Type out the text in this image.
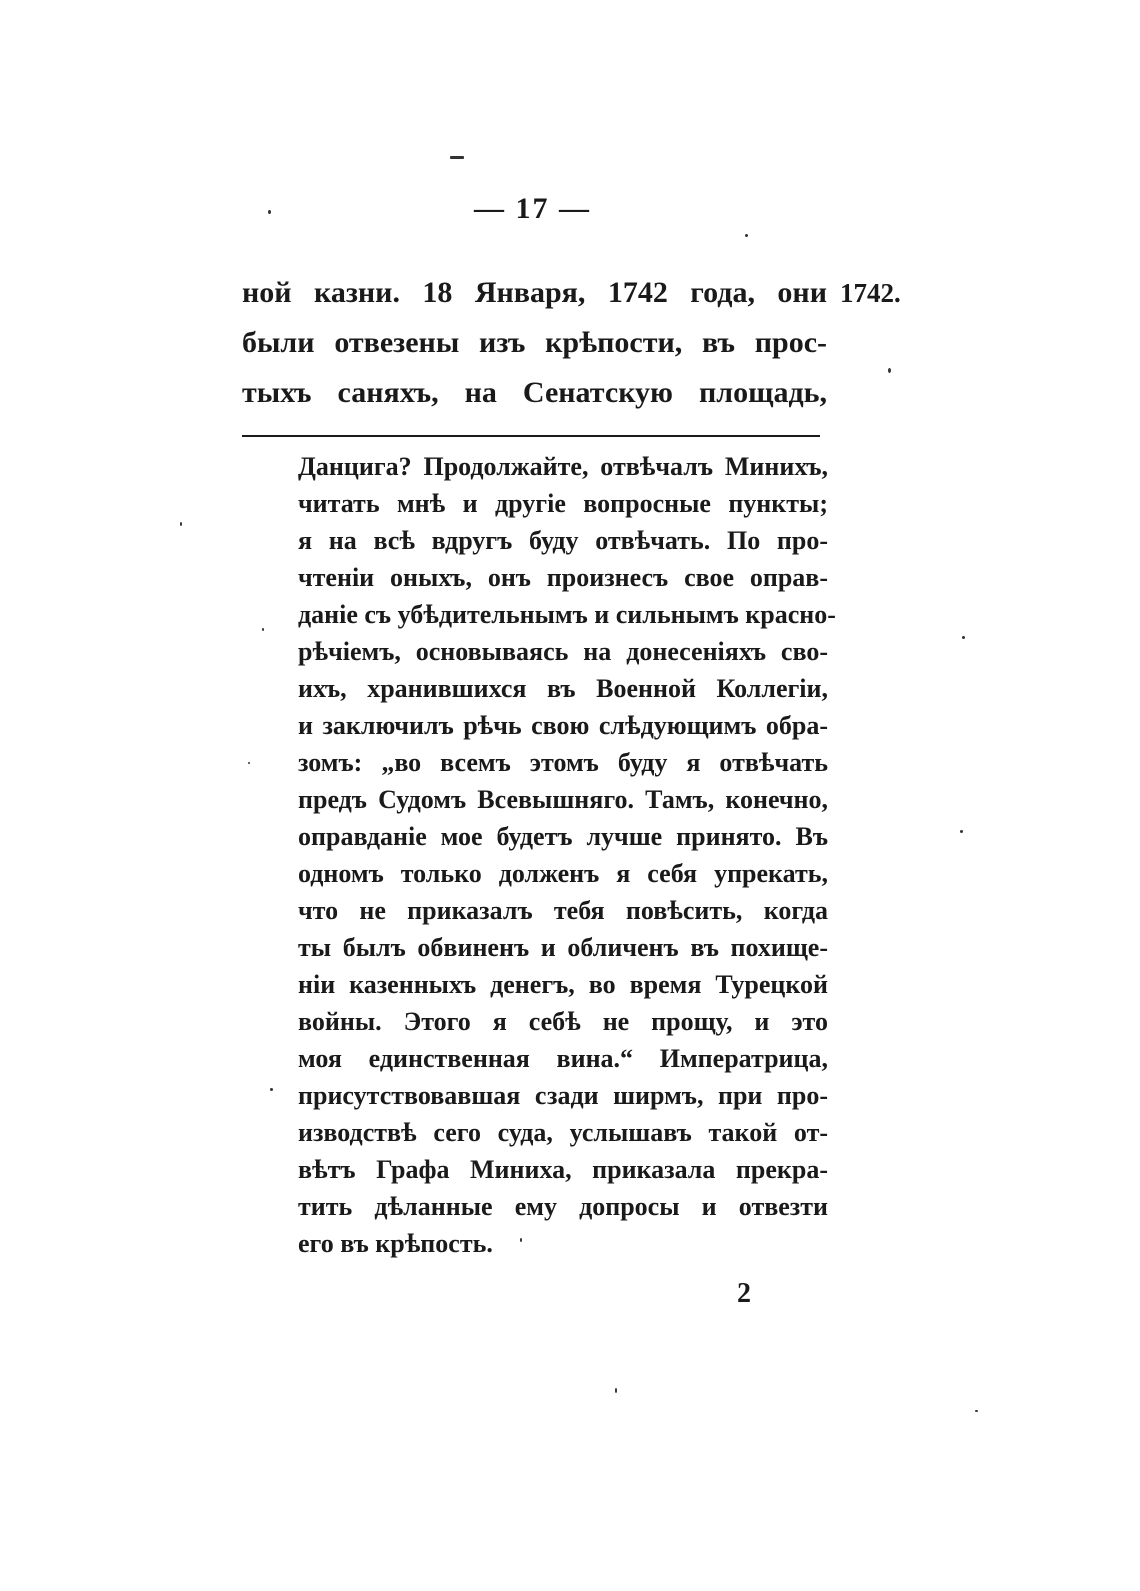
— 17 —
1742.
ной казни. 18 Января, 1742 года, они
были отвезены изъ крѣпости, въ прос-
тыхъ саняхъ, на Сенатскую площадь,
Данцига? Продолжайте, отвѣчалъ Минихъ,
читать мнѣ и другіе вопросные пункты;
я на всѣ вдругъ буду отвѣчать. По про-
чтеніи оныхъ, онъ произнесъ свое оправ-
даніе съ убѣдительнымъ и сильнымъ красно-
рѣчіемъ, основываясь на донесеніяхъ сво-
ихъ, хранившихся въ Военной Коллегіи,
и заключилъ рѣчь свою слѣдующимъ обра-
зомъ: „во всемъ этомъ буду я отвѣчать
предъ Судомъ Всевышняго. Тамъ, конечно,
оправданіе мое будетъ лучше принято. Въ
одномъ только долженъ я себя упрекать,
что не приказалъ тебя повѣсить, когда
ты былъ обвиненъ и обличенъ въ похище-
ніи казенныхъ денегъ, во время Турецкой
войны. Этого я себѣ не прощу, и это
моя единственная вина.“ Императрица,
присутствовавшая сзади ширмъ, при про-
изводствѣ сего суда, услышавъ такой от-
вѣтъ Графа Миниха, приказала прекра-
тить дѣланные ему допросы и отвезти
его въ крѣпость.
2
